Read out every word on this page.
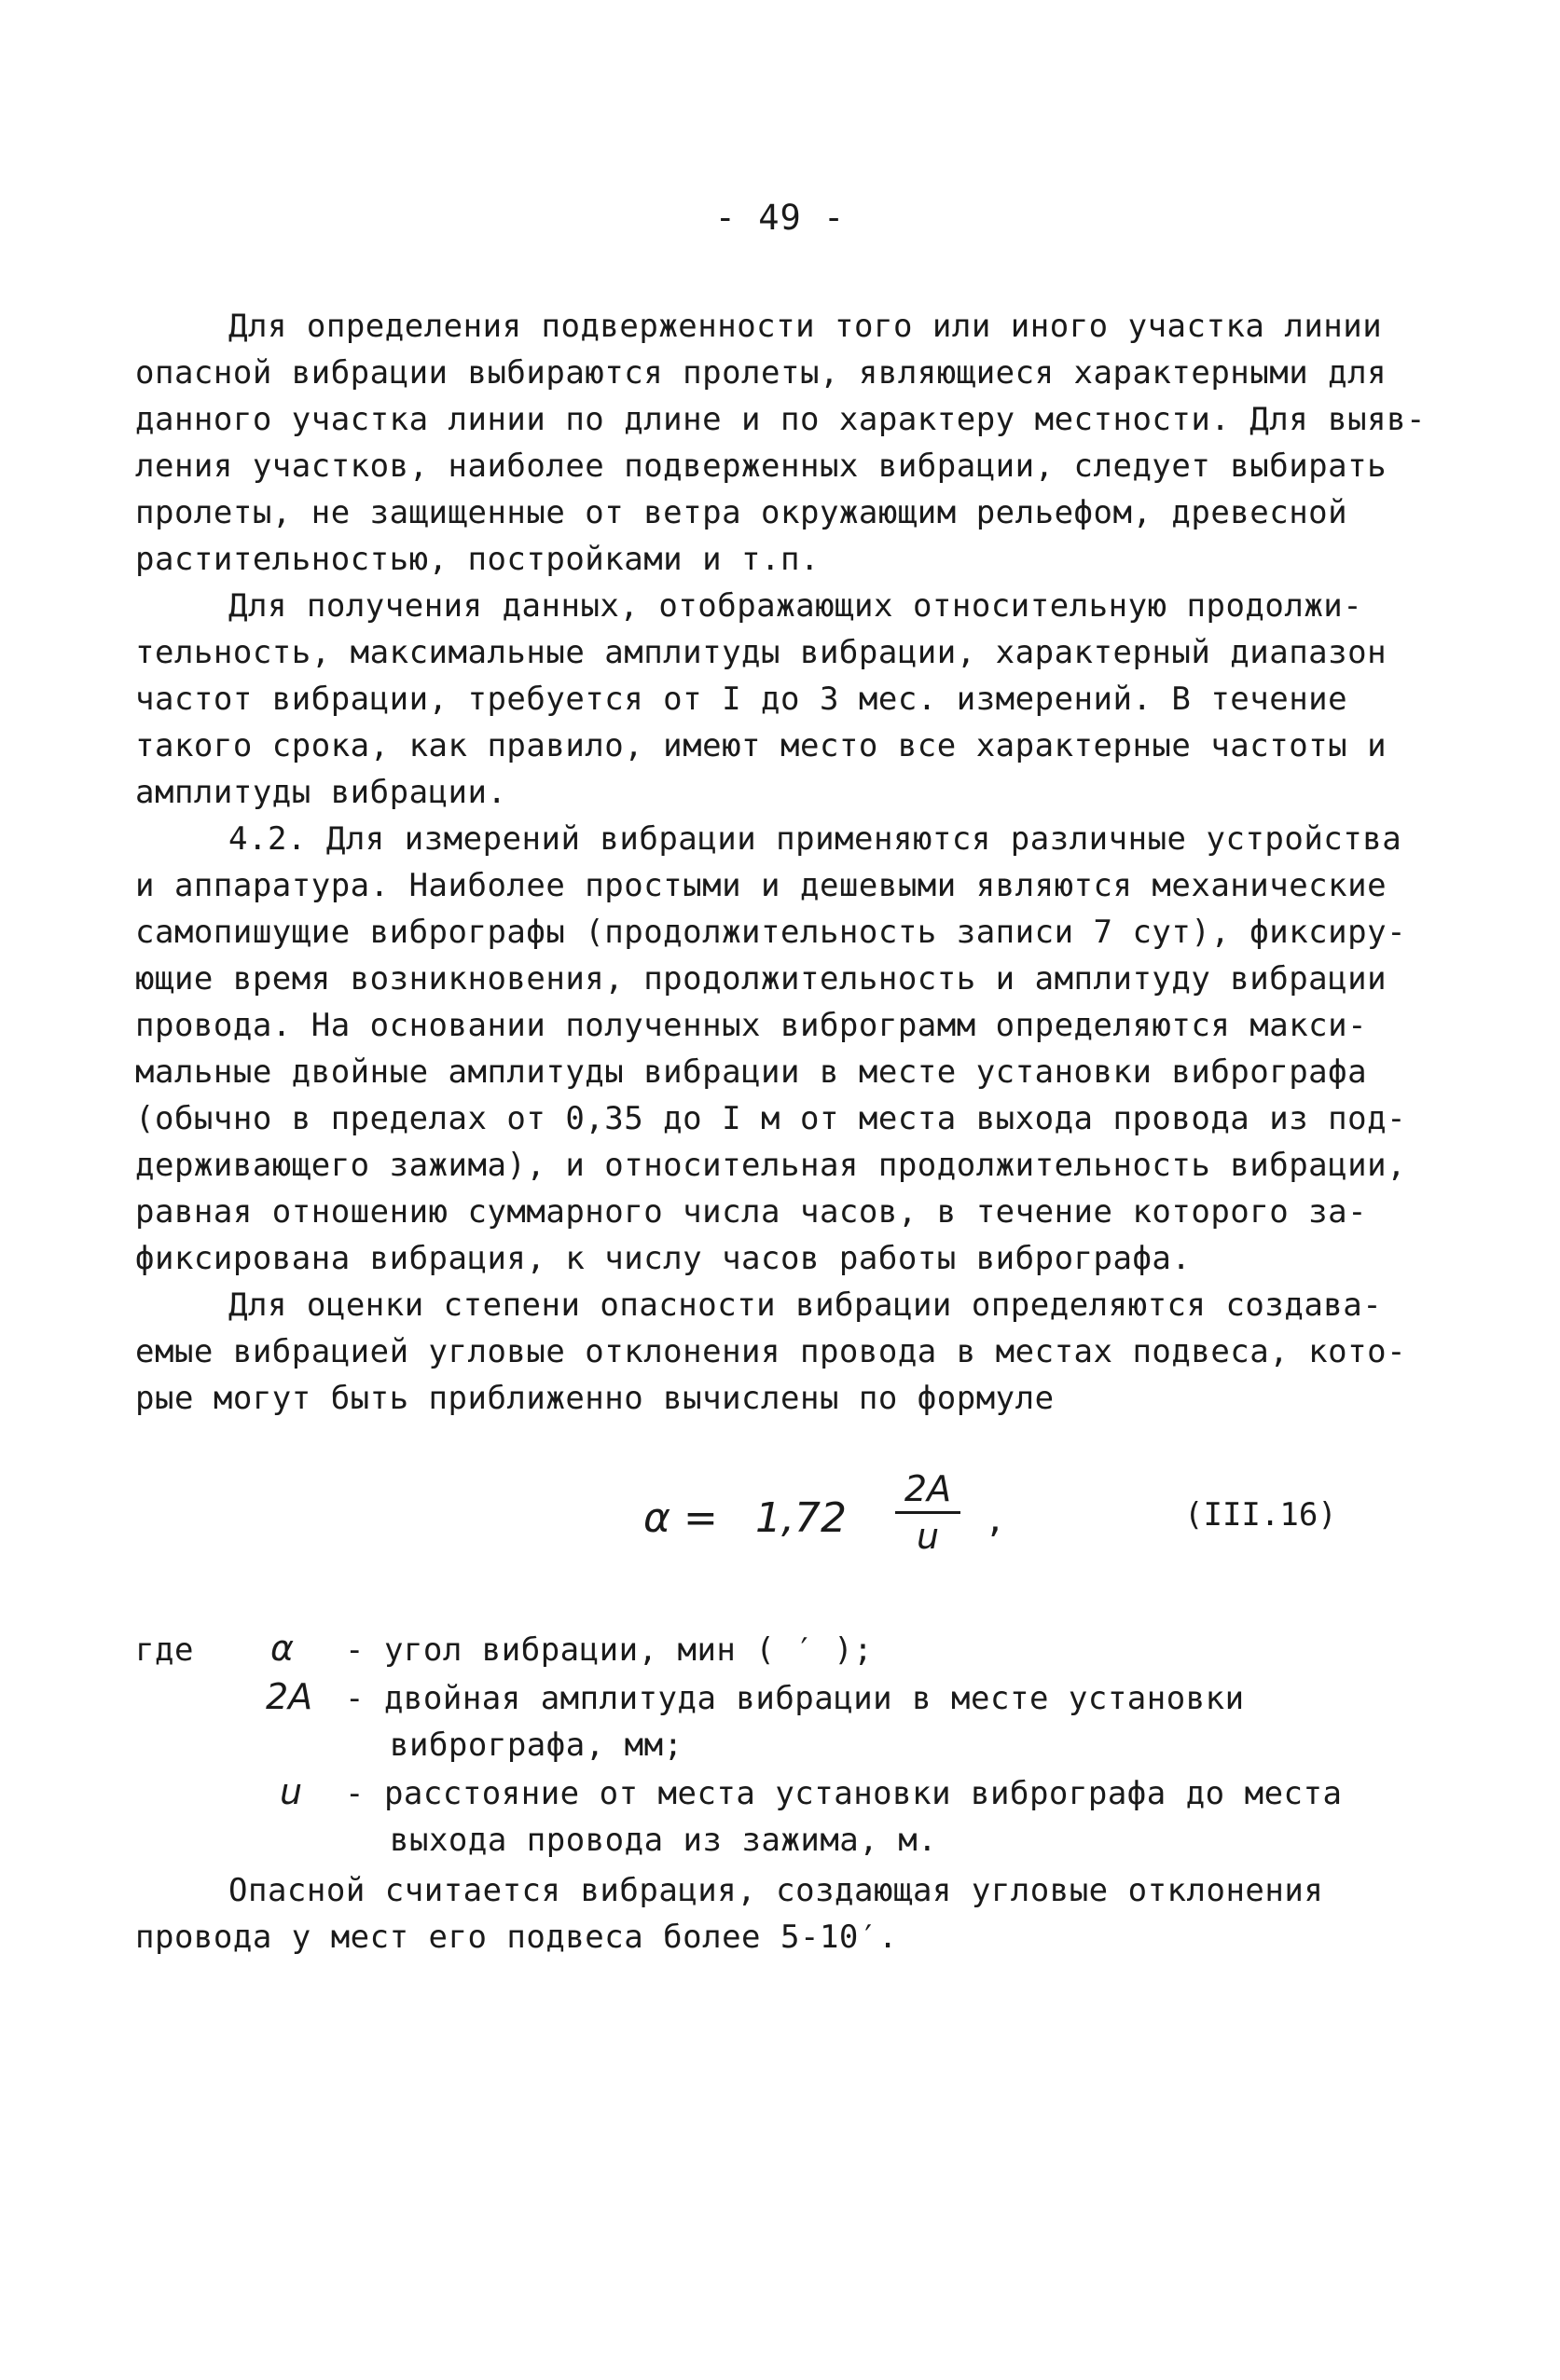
- 49 -
Для определения подверженности того или иного участка линии
опасной вибрации выбираются пролеты, являющиеся характерными для
данного участка линии по длине и по характеру местности. Для выяв-
ления участков, наиболее подверженных вибрации, следует выбирать
пролеты, не защищенные от ветра окружающим рельефом, древесной
растительностью, постройками и т.п.
Для получения данных, отображающих относительную продолжи-
тельность, максимальные амплитуды вибрации, характерный диапазон
частот вибрации, требуется от I до 3 мес. измерений. В течение
такого срока, как правило, имеют место все характерные частоты и
амплитуды вибрации.
4.2. Для измерений вибрации применяются различные устройства
и аппаратура. Наиболее простыми и дешевыми являются механические
самопишущие вибрографы (продолжительность записи 7 сут), фиксиру-
ющие время возникновения, продолжительность и амплитуду вибрации
провода. На основании полученных виброграмм определяются макси-
мальные двойные амплитуды вибрации в месте установки вибрографа
(обычно в пределах от 0,35 до I м от места выхода провода из под-
держивающего зажима), и относительная продолжительность вибрации,
равная отношению суммарного числа часов, в течение которого за-
фиксирована вибрация, к числу часов работы вибрографа.
Для оценки степени опасности вибрации определяются создава-
емые вибрацией угловые отклонения провода в местах подвеса, кото-
рые могут быть приближенно вычислены по формуле
α = 1,72
2A
u	,	(III.16)
где α - угол вибрации, мин ( ′ );
2A - двойная амплитуда вибрации в месте установки
вибрографа, мм;
u - расстояние от места установки вибрографа до места
выхода провода из зажима, м.
Опасной считается вибрация, создающая угловые отклонения
провода у мест его подвеса более 5-10′.
